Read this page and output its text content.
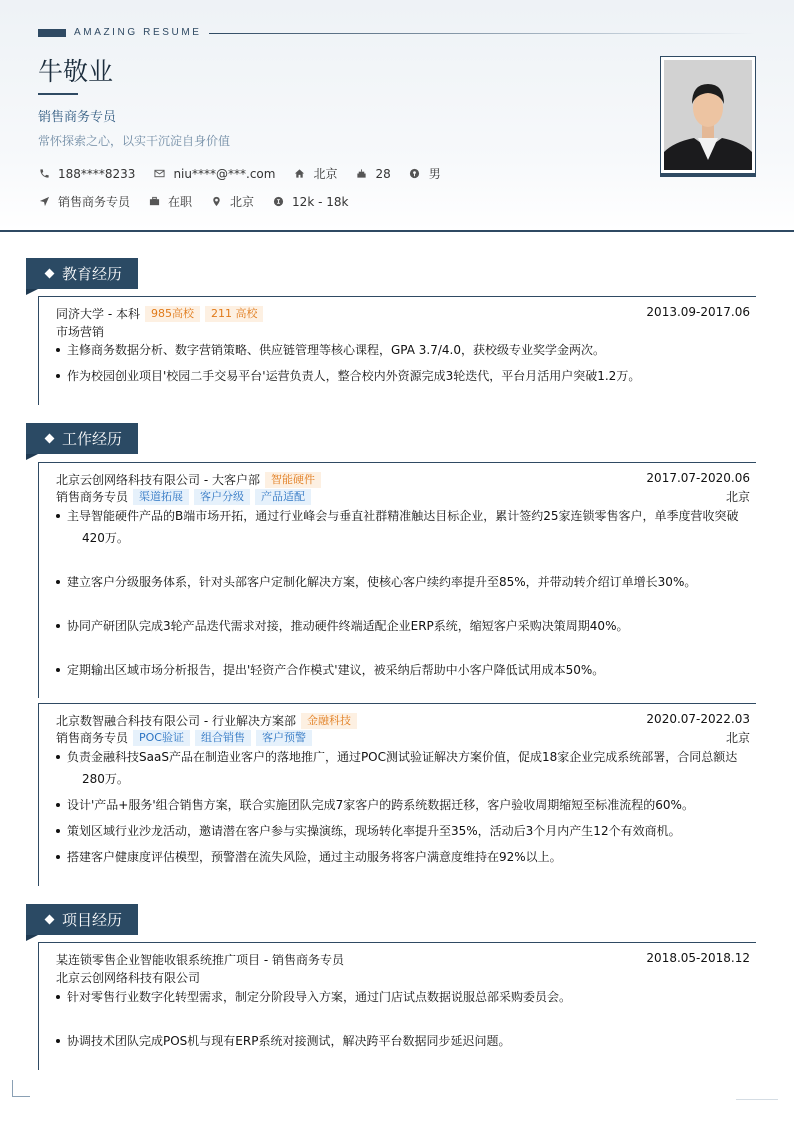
AMAZING RESUME
牛敬业
销售商务专员
常怀探索之心，以实干沉淀自身价值
188****8233	niu****@***.com	北京	28	男
销售商务专员	在职	北京	12k - 18k
教育经历
同济大学 - 本科	985高校	211 高校	2013.09-2017.06
市场营销
主修商务数据分析、数字营销策略、供应链管理等核心课程，GPA 3.7/4.0，获校级专业奖学金两次。
作为校园创业项目'校园二手交易平台'运营负责人，整合校内外资源完成3轮迭代，平台月活用户突破1.2万。
工作经历
北京云创网络科技有限公司 - 大客户部	智能硬件	2017.07-2020.06
销售商务专员	渠道拓展	客户分级	产品适配	北京
主导智能硬件产品的B端市场开拓，通过行业峰会与垂直社群精准触达目标企业，累计签约25家连锁零售客户，单季度营收突破
420万。
建立客户分级服务体系，针对头部客户定制化解决方案，使核心客户续约率提升至85%，并带动转介绍订单增长30%。
协同产研团队完成3轮产品迭代需求对接，推动硬件终端适配企业ERP系统，缩短客户采购决策周期40%。
定期输出区域市场分析报告，提出'轻资产合作模式'建议，被采纳后帮助中小客户降低试用成本50%。
北京数智融合科技有限公司 - 行业解决方案部	金融科技	2020.07-2022.03
销售商务专员	POC验证	组合销售	客户预警	北京
负责金融科技SaaS产品在制造业客户的落地推广，通过POC测试验证解决方案价值，促成18家企业完成系统部署，合同总额达
280万。
设计'产品+服务'组合销售方案，联合实施团队完成7家客户的跨系统数据迁移，客户验收周期缩短至标准流程的60%。
策划区域行业沙龙活动，邀请潜在客户参与实操演练，现场转化率提升至35%，活动后3个月内产生12个有效商机。
搭建客户健康度评估模型，预警潜在流失风险，通过主动服务将客户满意度维持在92%以上。
项目经历
某连锁零售企业智能收银系统推广项目 - 销售商务专员	2018.05-2018.12
北京云创网络科技有限公司
针对零售行业数字化转型需求，制定分阶段导入方案，通过门店试点数据说服总部采购委员会。
协调技术团队完成POS机与现有ERP系统对接测试，解决跨平台数据同步延迟问题。
